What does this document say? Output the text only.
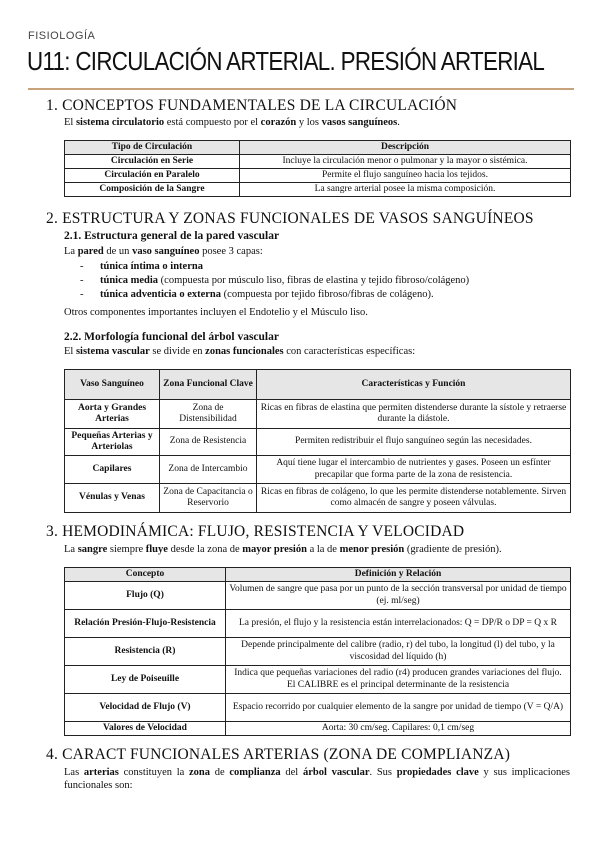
FISIOLOGÍA
U11: CIRCULACIÓN ARTERIAL. PRESIÓN ARTERIAL
1. CONCEPTOS FUNDAMENTALES DE LA CIRCULACIÓN
El sistema circulatorio está compuesto por el corazón y los vasos sanguíneos.
Tipo de Circulación	Descripción
Circulación en Serie	Incluye la circulación menor o pulmonar y la mayor o sistémica.
Circulación en Paralelo	Permite el flujo sanguíneo hacia los tejidos.
Composición de la Sangre	La sangre arterial posee la misma composición.
2. ESTRUCTURA Y ZONAS FUNCIONALES DE VASOS SANGUÍNEOS
2.1. Estructura general de la pared vascular
La pared de un vaso sanguíneo posee 3 capas:
- túnica íntima o interna
- túnica media (compuesta por músculo liso, fibras de elastina y tejido fibroso/colágeno)
- túnica adventicia o externa (compuesta por tejido fibroso/fibras de colágeno).
Otros componentes importantes incluyen el Endotelio y el Músculo liso.
2.2. Morfología funcional del árbol vascular
El sistema vascular se divide en zonas funcionales con características específicas:
Vaso Sanguíneo	Zona Funcional Clave	Características y Función
Aorta y Grandes Arterias	Zona de Distensibilidad	Ricas en fibras de elastina que permiten distenderse durante la sístole y retraerse durante la diástole.
Pequeñas Arterias y Arteriolas	Zona de Resistencia	Permiten redistribuir el flujo sanguíneo según las necesidades.
Capilares	Zona de Intercambio	Aquí tiene lugar el intercambio de nutrientes y gases. Poseen un esfínter precapilar que forma parte de la zona de resistencia.
Vénulas y Venas	Zona de Capacitancia o Reservorio	Ricas en fibras de colágeno, lo que les permite distenderse notablemente. Sirven como almacén de sangre y poseen válvulas.
3. HEMODINÁMICA: FLUJO, RESISTENCIA Y VELOCIDAD
La sangre siempre fluye desde la zona de mayor presión a la de menor presión (gradiente de presión).
Concepto	Definición y Relación
Flujo (Q)	Volumen de sangre que pasa por un punto de la sección transversal por unidad de tiempo (ej. ml/seg)
Relación Presión-Flujo-Resistencia	La presión, el flujo y la resistencia están interrelacionados: Q = DP/R o DP = Q x R
Resistencia (R)	Depende principalmente del calibre (radio, r) del tubo, la longitud (l) del tubo, y la viscosidad del líquido (h)
Ley de Poiseuille	Indica que pequeñas variaciones del radio (r4) producen grandes variaciones del flujo. El CALIBRE es el principal determinante de la resistencia
Velocidad de Flujo (V)	Espacio recorrido por cualquier elemento de la sangre por unidad de tiempo (V = Q/A)
Valores de Velocidad	Aorta: 30 cm/seg. Capilares: 0,1 cm/seg
4. CARACT FUNCIONALES ARTERIAS (ZONA DE COMPLIANZA)
Las arterias constituyen la zona de complianza del árbol vascular. Sus propiedades clave y sus implicaciones funcionales son:
